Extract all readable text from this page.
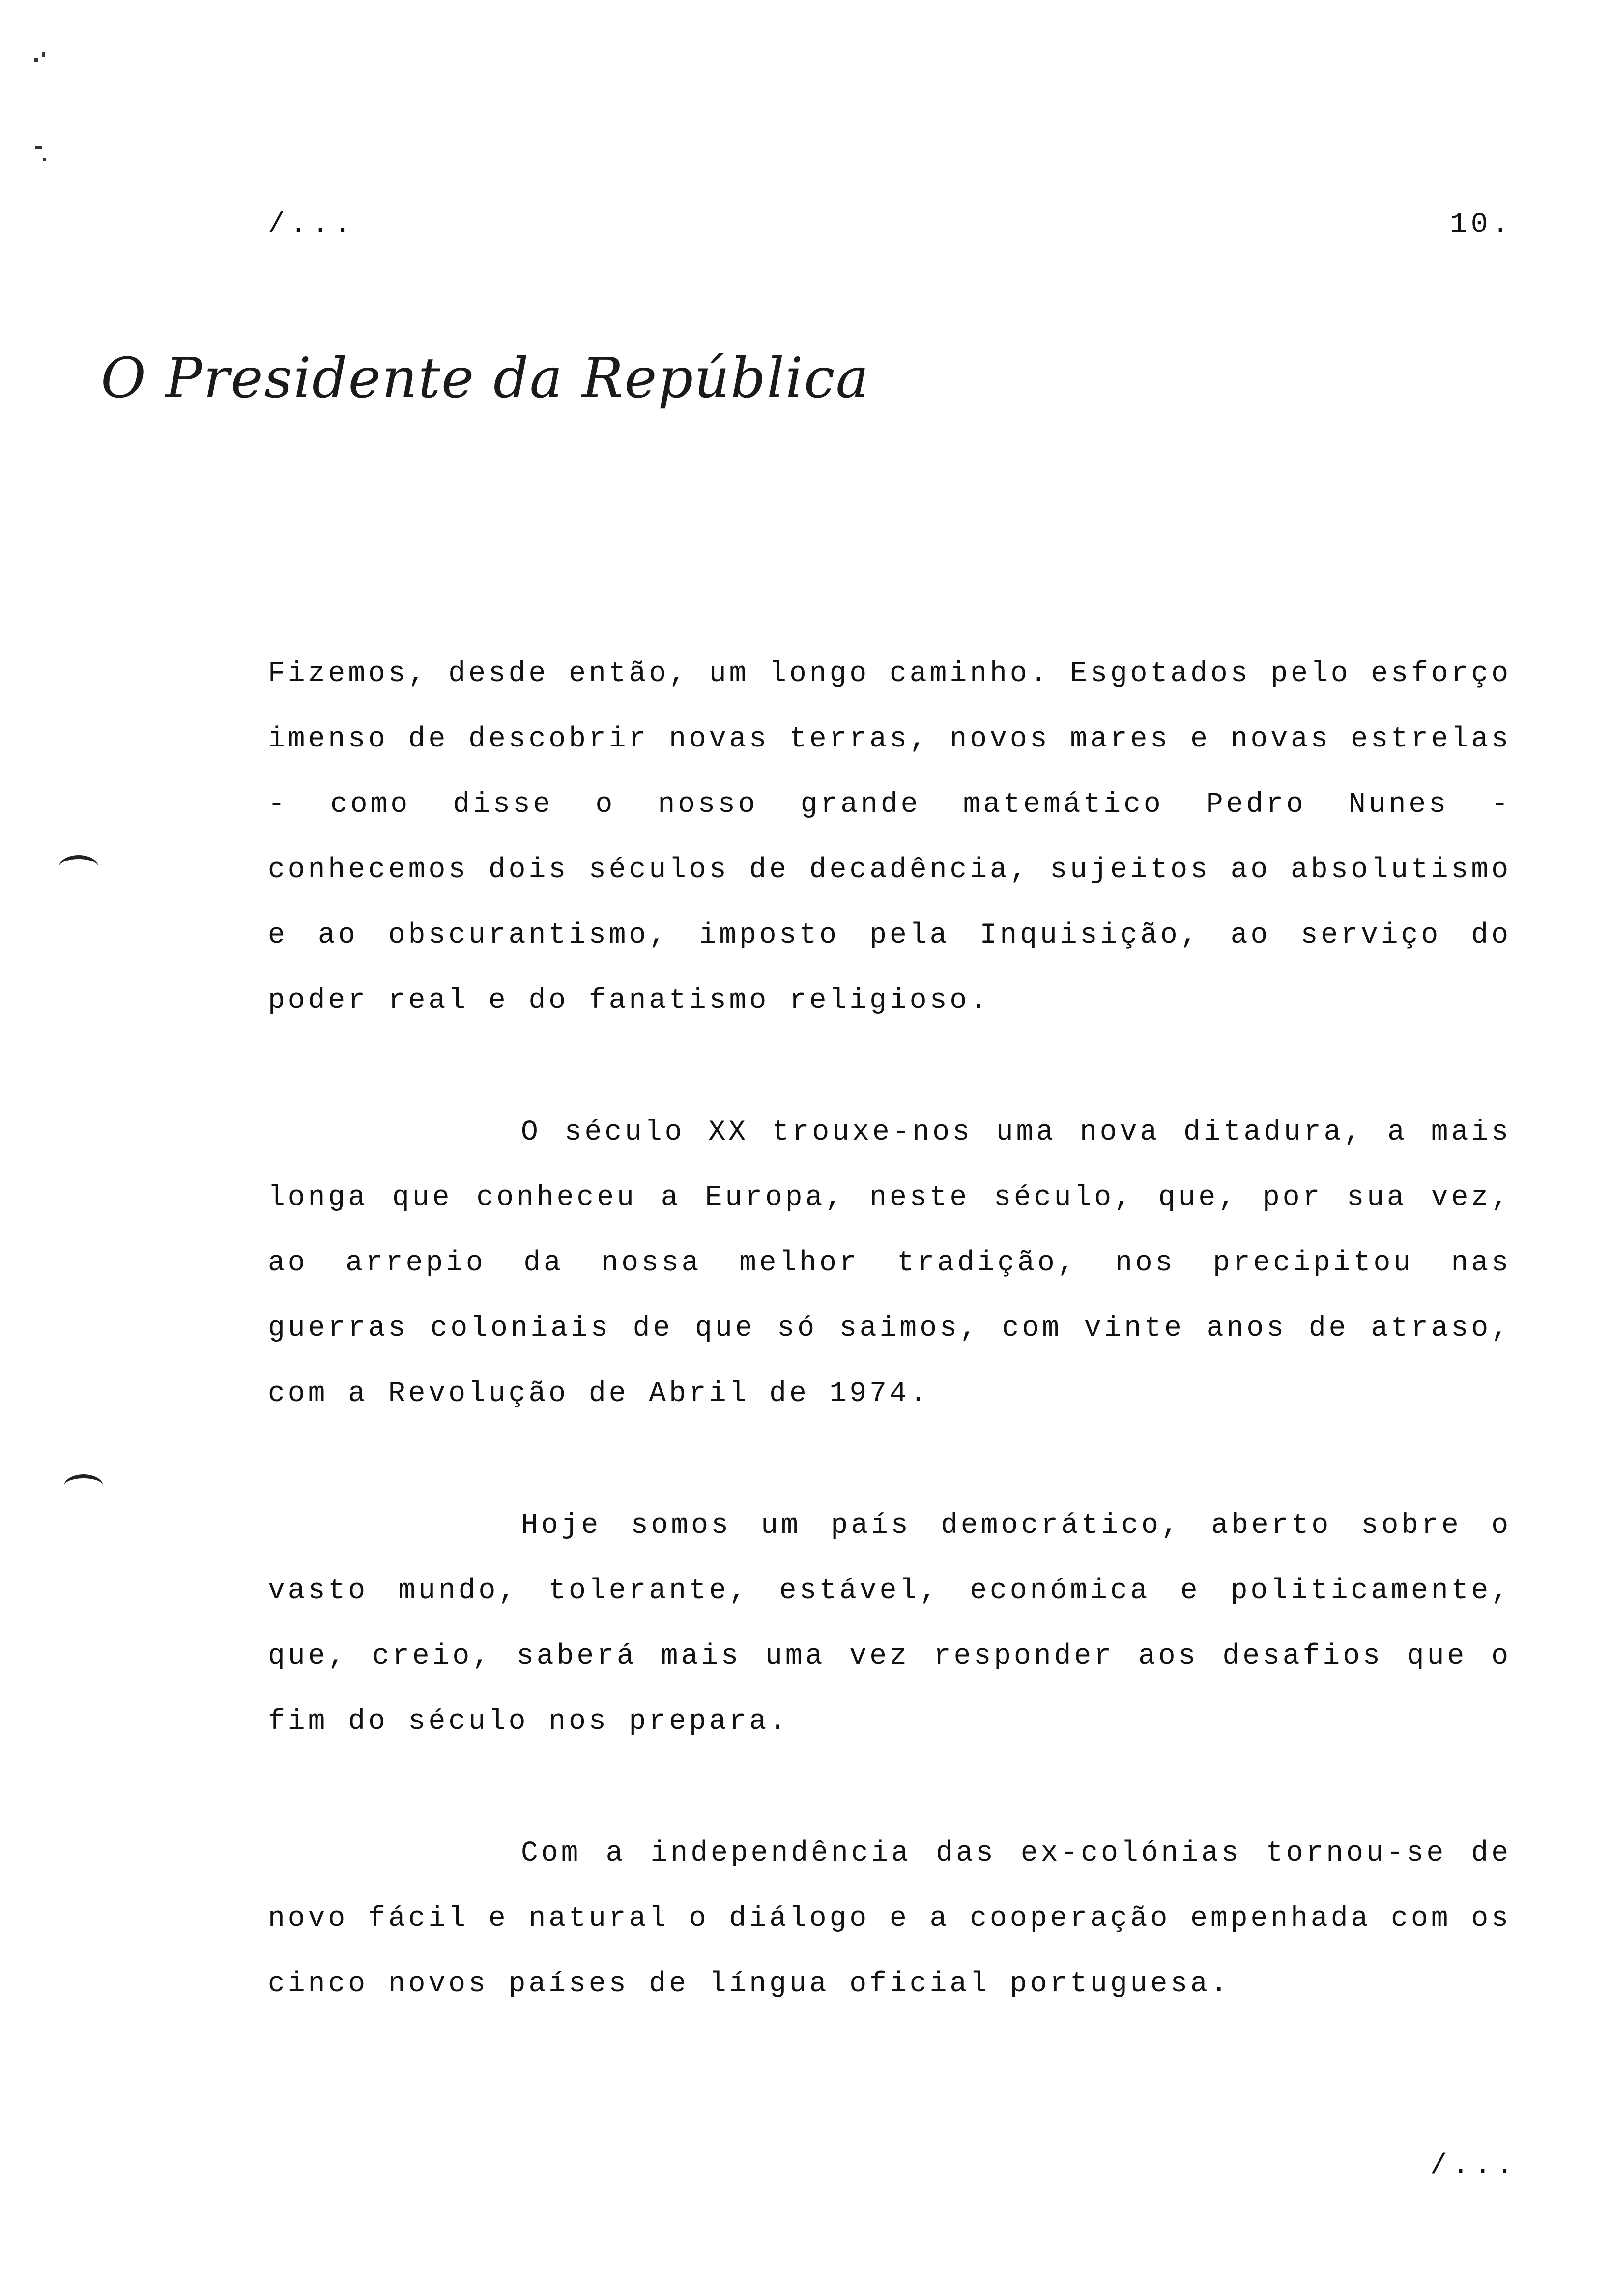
/...	10.
O Presidente da República

Fizemos, desde então, um longo caminho. Esgotados pelo esforço imenso de descobrir novas terras, novos mares e novas estrelas - como disse o nosso grande matemático Pedro Nunes - conhecemos dois séculos de decadência, sujeitos ao absolutismo e ao obscurantismo, imposto pela Inquisição, ao serviço do poder real e do fanatismo religioso.

O século XX trouxe-nos uma nova ditadura, a mais longa que conheceu a Europa, neste século, que, por sua vez, ao arrepio da nossa melhor tradição, nos precipitou nas guerras coloniais de que só saimos, com vinte anos de atraso, com a Revolução de Abril de 1974.

Hoje somos um país democrático, aberto sobre o vasto mundo, tolerante, estável, económica e politicamente, que, creio, saberá mais uma vez responder aos desafios que o fim do século nos prepara.

Com a independência das ex-colónias tornou-se de novo fácil e natural o diálogo e a cooperação empenhada com os cinco novos países de língua oficial portuguesa.

/...
